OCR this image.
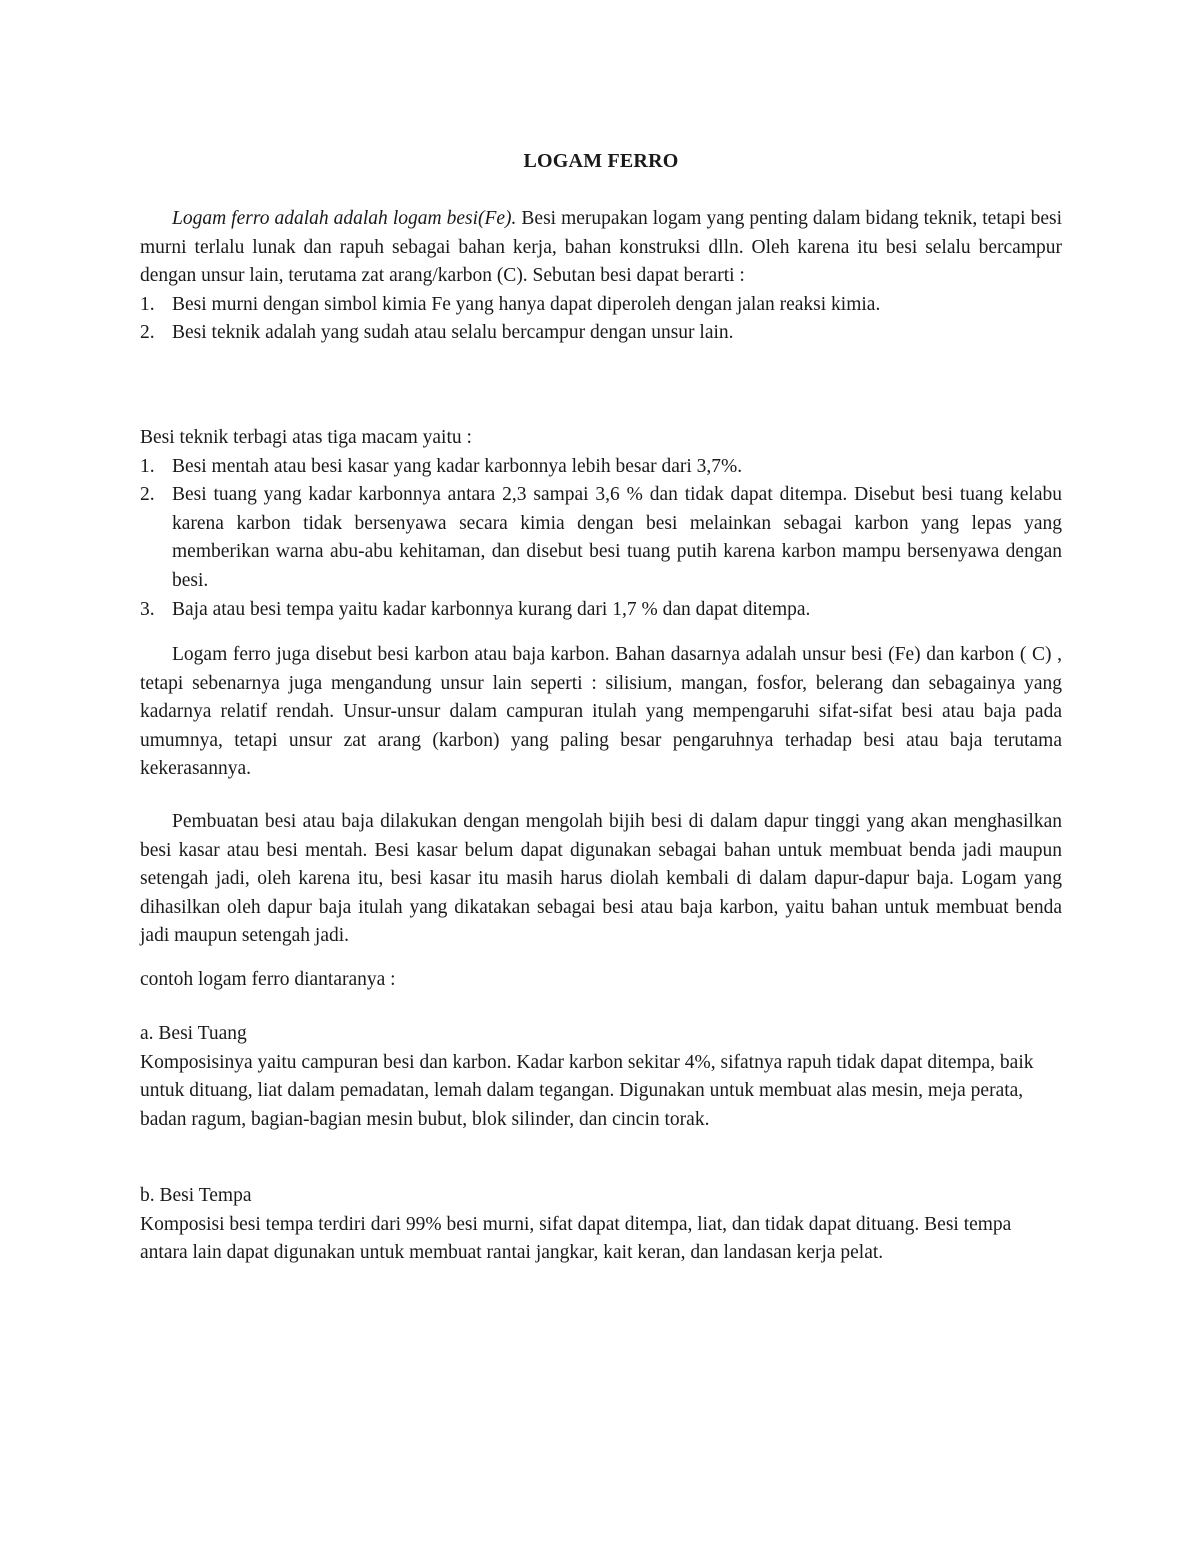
LOGAM FERRO

Logam ferro adalah adalah logam besi(Fe). Besi merupakan logam yang penting dalam bidang teknik, tetapi besi murni terlalu lunak dan rapuh sebagai bahan kerja, bahan konstruksi dlln. Oleh karena itu besi selalu bercampur dengan unsur lain, terutama zat arang/karbon (C). Sebutan besi dapat berarti :

1. Besi murni dengan simbol kimia Fe yang hanya dapat diperoleh dengan jalan reaksi kimia.
2. Besi teknik adalah yang sudah atau selalu bercampur dengan unsur lain.

Besi teknik terbagi atas tiga macam yaitu :

1. Besi mentah atau besi kasar yang kadar karbonnya lebih besar dari 3,7%.
2. Besi tuang yang kadar karbonnya antara 2,3 sampai 3,6 % dan tidak dapat ditempa. Disebut besi tuang kelabu karena karbon tidak bersenyawa secara kimia dengan besi melainkan sebagai karbon yang lepas yang memberikan warna abu-abu kehitaman, dan disebut besi tuang putih karena karbon mampu bersenyawa dengan besi.
3. Baja atau besi tempa yaitu kadar karbonnya kurang dari 1,7 % dan dapat ditempa.

Logam ferro juga disebut besi karbon atau baja karbon. Bahan dasarnya adalah unsur besi (Fe) dan karbon ( C) , tetapi sebenarnya juga mengandung unsur lain seperti : silisium, mangan, fosfor, belerang dan sebagainya yang kadarnya relatif rendah. Unsur-unsur dalam campuran itulah yang mempengaruhi sifat-sifat besi atau baja pada umumnya, tetapi unsur zat arang (karbon) yang paling besar pengaruhnya terhadap besi atau baja terutama kekerasannya.

Pembuatan besi atau baja dilakukan dengan mengolah bijih besi di dalam dapur tinggi yang akan menghasilkan besi kasar atau besi mentah. Besi kasar belum dapat digunakan sebagai bahan untuk membuat benda jadi maupun setengah jadi, oleh karena itu, besi kasar itu masih harus diolah kembali di dalam dapur-dapur baja. Logam yang dihasilkan oleh dapur baja itulah yang dikatakan sebagai besi atau baja karbon, yaitu bahan untuk membuat benda jadi maupun setengah jadi.

contoh logam ferro diantaranya :

a. Besi Tuang

Komposisinya yaitu campuran besi dan karbon. Kadar karbon sekitar 4%, sifatnya rapuh tidak dapat ditempa, baik untuk dituang, liat dalam pemadatan, lemah dalam tegangan. Digunakan untuk membuat alas mesin, meja perata, badan ragum, bagian-bagian mesin bubut, blok silinder, dan cincin torak.

b. Besi Tempa

Komposisi besi tempa terdiri dari 99% besi murni, sifat dapat ditempa, liat, dan tidak dapat dituang. Besi tempa antara lain dapat digunakan untuk membuat rantai jangkar, kait keran, dan landasan kerja pelat.
